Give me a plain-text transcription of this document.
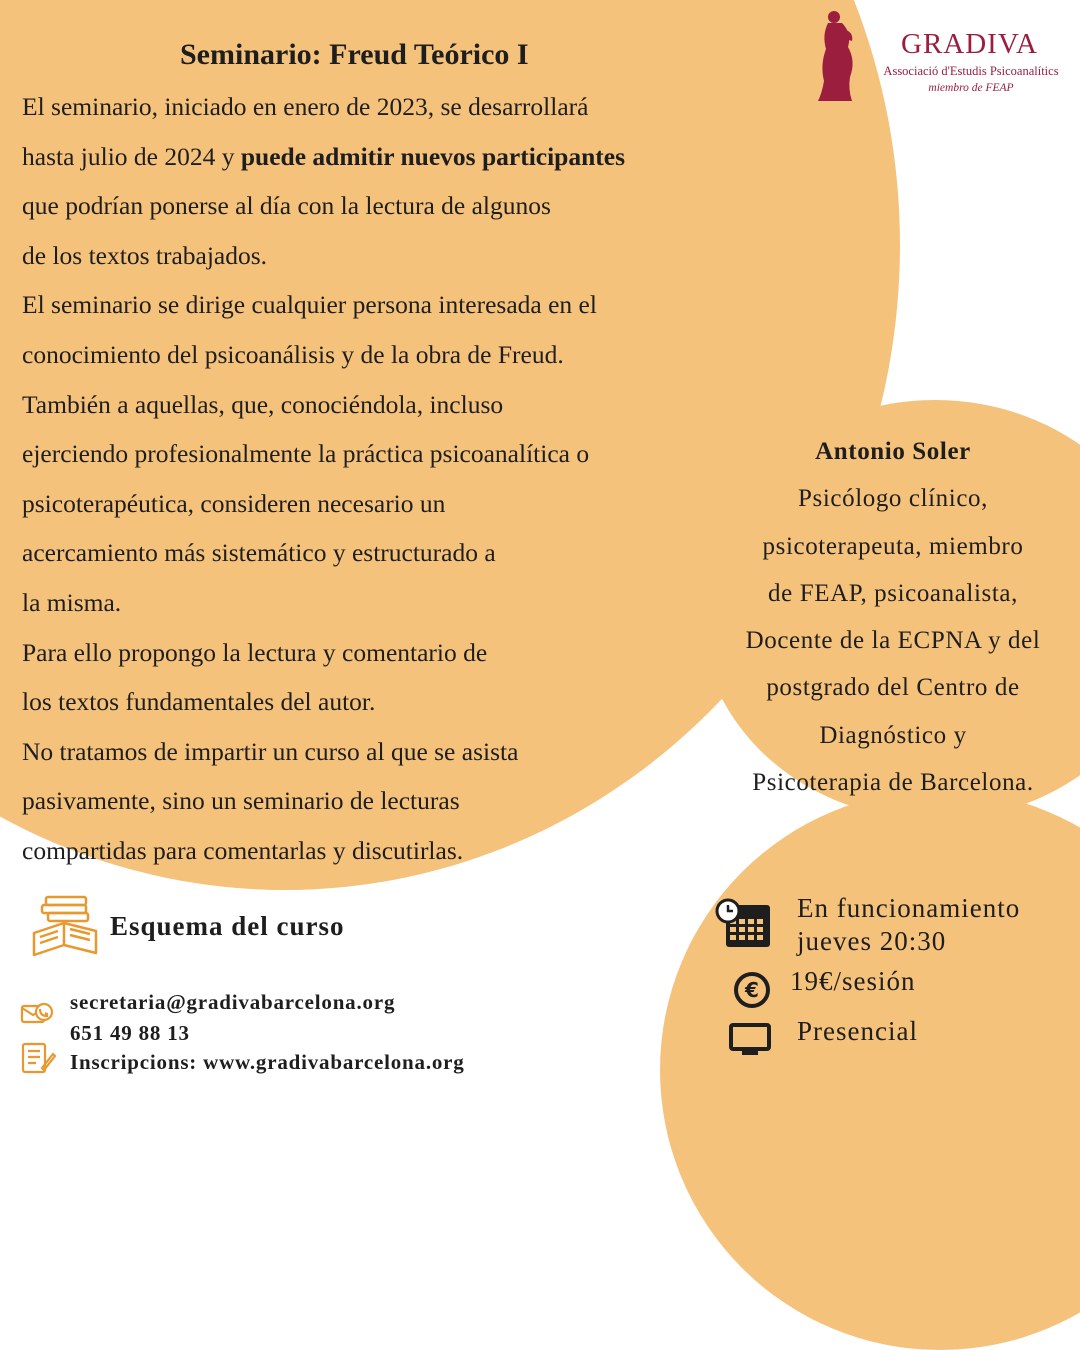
GRADIVA
Associació d'Estudis Psicoanalítics
miembro de FEAP
Seminario: Freud Teórico I
El seminario, iniciado en enero de 2023, se desarrollará
hasta julio de 2024 y puede admitir nuevos participantes
que podrían ponerse al día con la lectura de algunos
de los textos trabajados.
El seminario se dirige cualquier persona interesada en el
conocimiento del psicoanálisis y de la obra de Freud.
También a aquellas, que, conociéndola, incluso
ejerciendo profesionalmente la práctica psicoanalítica o
psicoterapéutica, consideren necesario un
acercamiento más sistemático y estructurado a
la misma.
Para ello propongo la lectura y comentario de
los textos fundamentales del autor.
No tratamos de impartir un curso al que se asista
pasivamente, sino un seminario de lecturas
compartidas para comentarlas y discutirlas.
Antonio Soler
Psicólogo clínico,
psicoterapeuta, miembro
de FEAP, psicoanalista,
Docente de la ECPNA y del
postgrado del Centro de
Diagnóstico y
Psicoterapia de Barcelona.
Esquema del curso
secretaria@gradivabarcelona.org
651 49 88 13
Inscripcions: www.gradivabarcelona.org
En funcionamiento
jueves 20:30
€ 19€/sesión
Presencial
